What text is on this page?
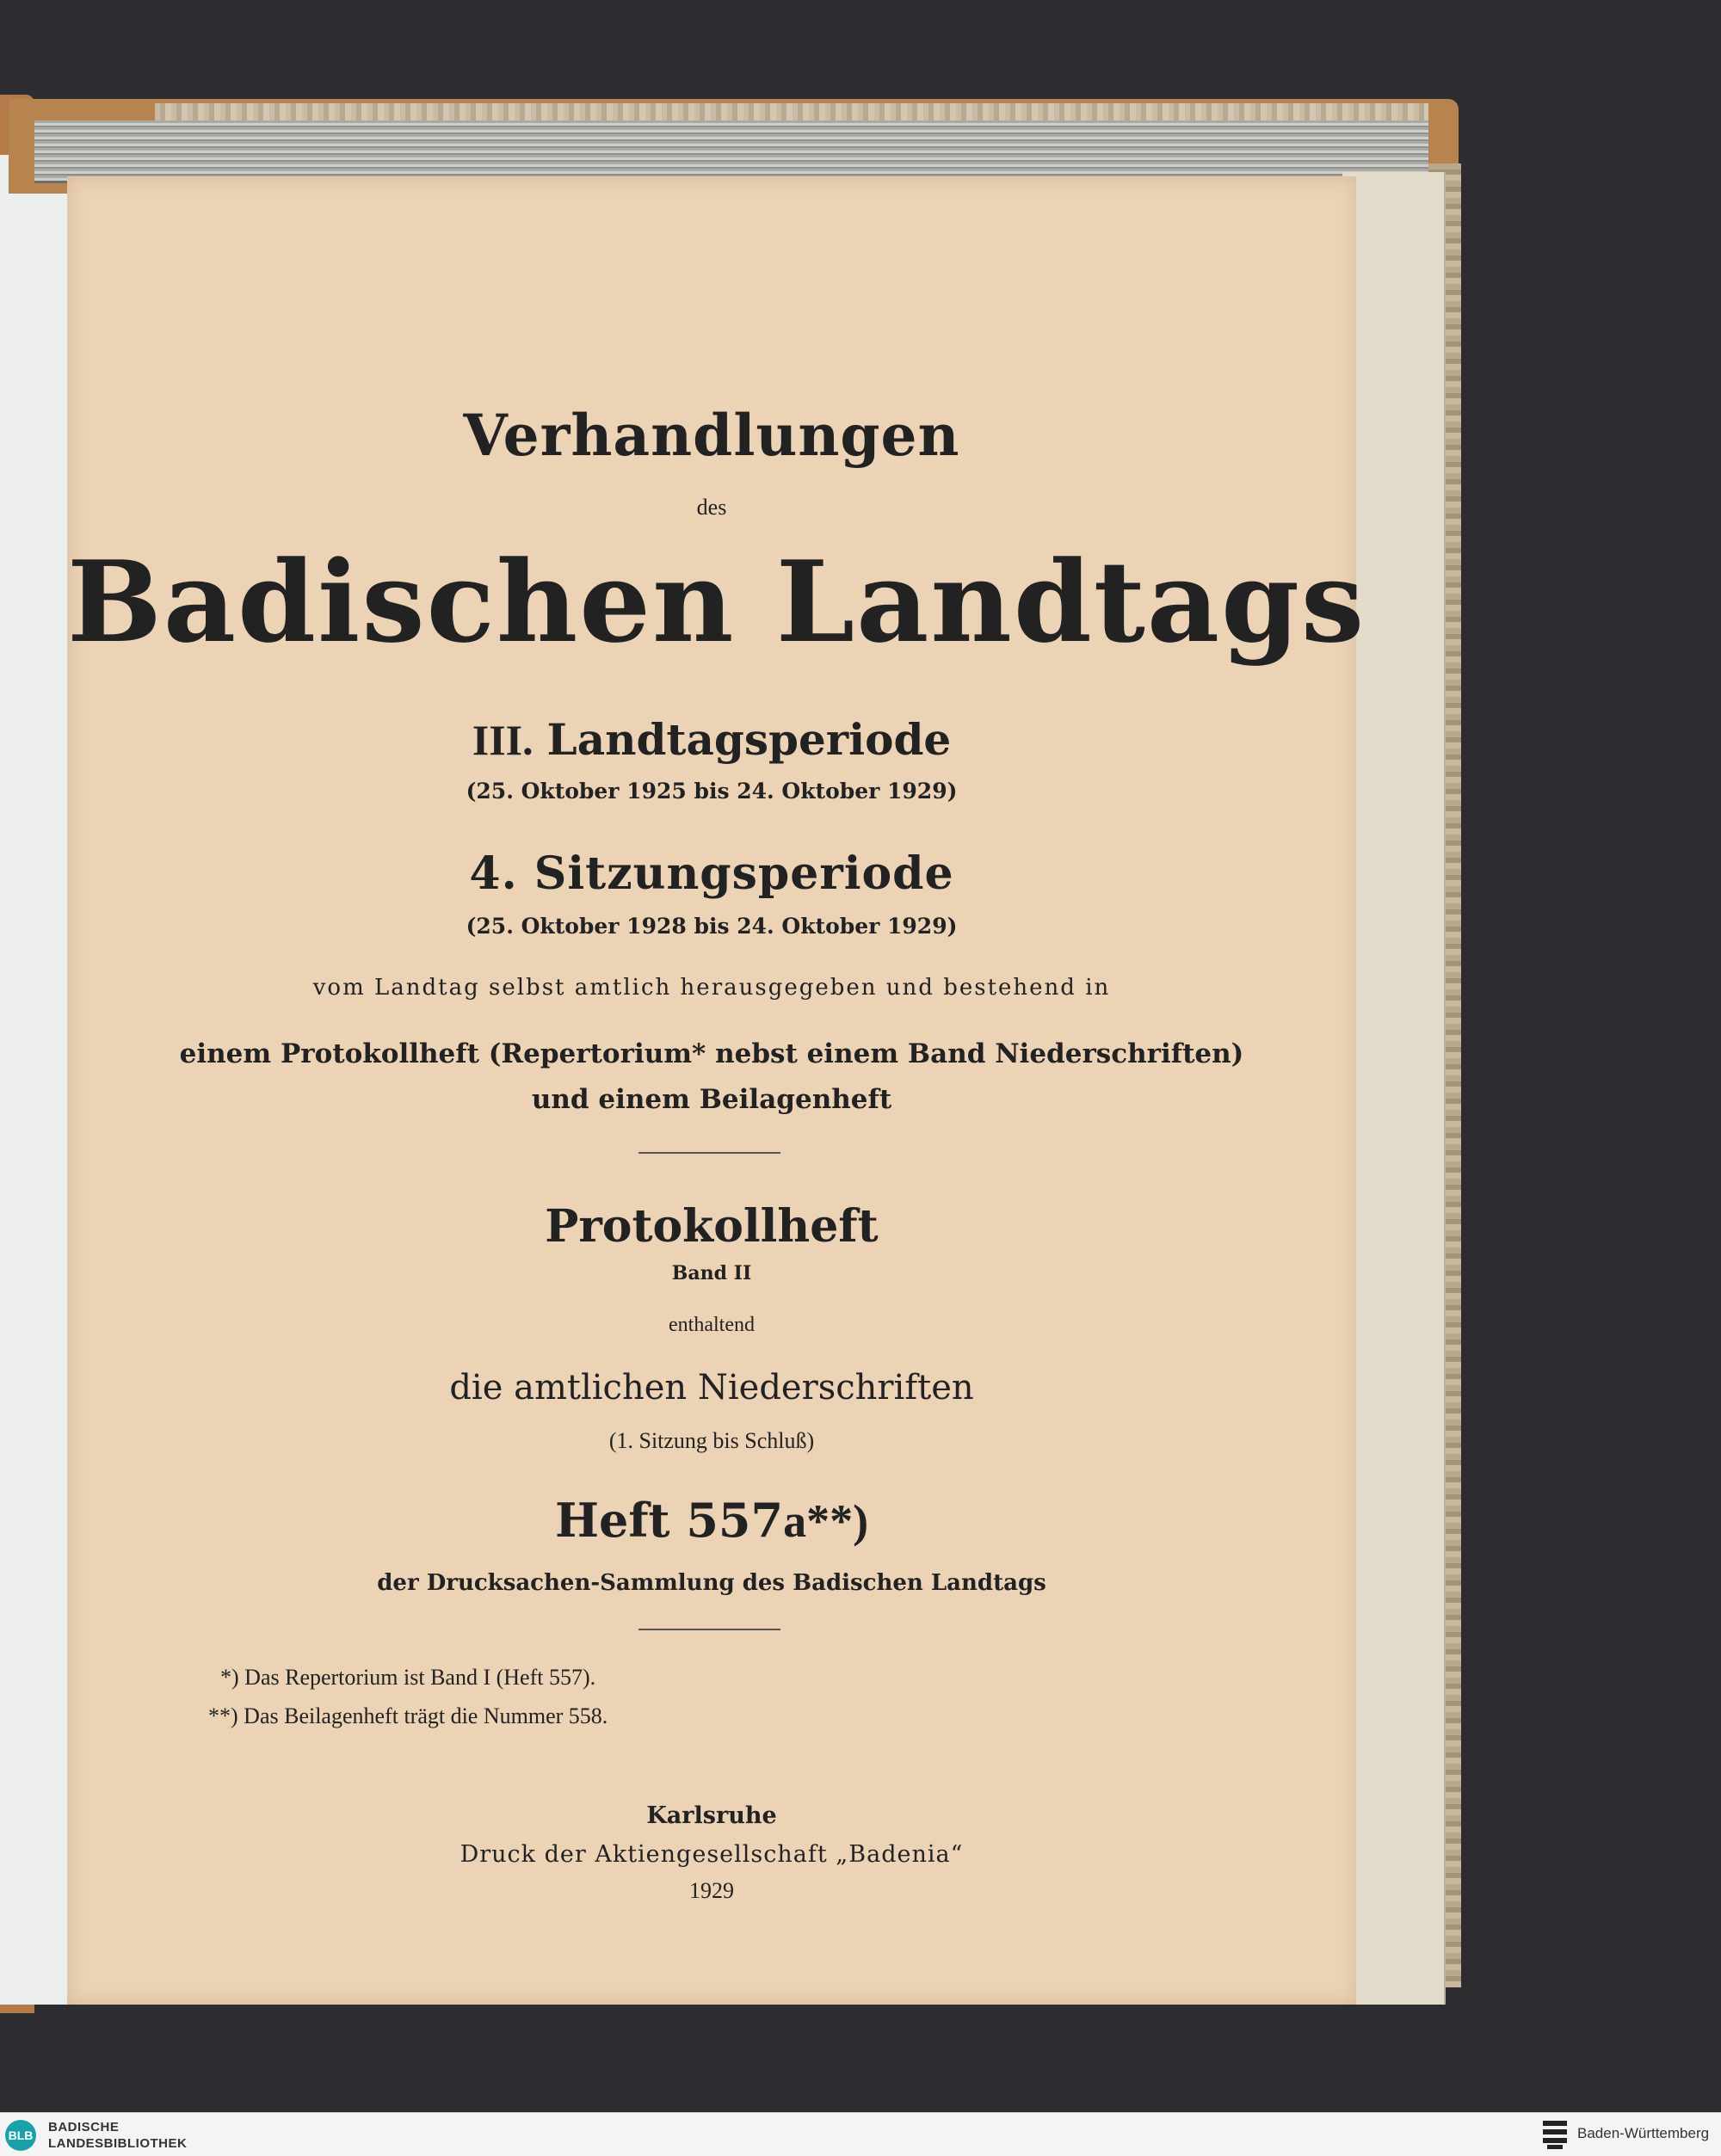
Verhandlungen
des
Badischen Landtags
III. Landtagsperiode
(25. Oktober 1925 bis 24. Oktober 1929)
4. Sitzungsperiode
(25. Oktober 1928 bis 24. Oktober 1929)
vom Landtag selbst amtlich herausgegeben und bestehend in
einem Protokollheft (Repertorium* nebst einem Band Niederschriften)
und einem Beilagenheft
Protokollheft
Band II
enthaltend
die amtlichen Niederschriften
(1. Sitzung bis Schluß)
Heft 557a**)
der Drucksachen-Sammlung des Badischen Landtags
*) Das Repertorium ist Band I (Heft 557).
**) Das Beilagenheft trägt die Nummer 558.
Karlsruhe
Druck der Aktiengesellschaft „Badenia“
1929
BLB
BADISCHE
LANDESBIBLIOTHEK
Baden-Württemberg
